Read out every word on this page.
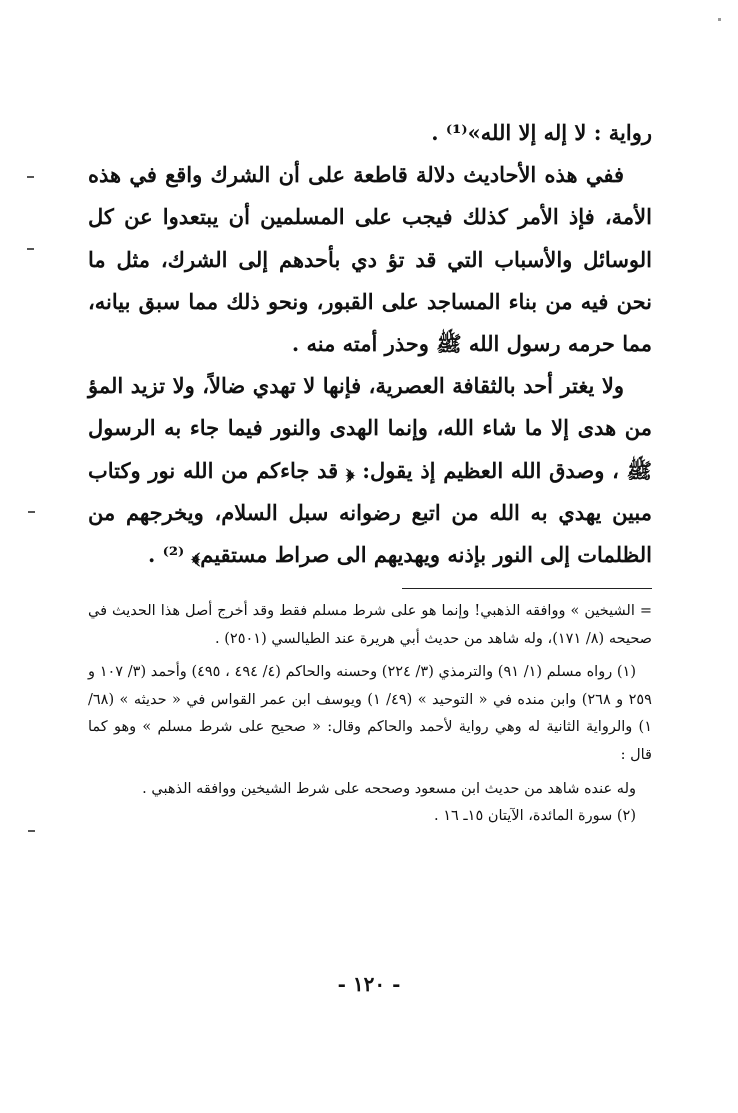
رواية : لا إله إلا الله»⁽¹⁾ .

ففي هذه الأحاديث دلالة قاطعة على أن الشرك واقع في هذه الأمة، فإذ الأمر كذلك فيجب على المسلمين أن يبتعدوا عن كل الوسائل والأسباب التي قد تؤ دي بأحدهم إلى الشرك، مثل ما نحن فيه من بناء المساجد على القبور، ونحو ذلك مما سبق بيانه، مما حرمه رسول الله ﷺ وحذر أمته منه .

ولا يغتر أحد بالثقافة العصرية، فإنها لا تهدي ضالاً، ولا تزيد المؤ من هدى إلا ما شاء الله، وإنما الهدى والنور فيما جاء به الرسول ﷺ ، وصدق الله العظيم إذ يقول: ﴿ قد جاءكم من الله نور وكتاب مبين يهدي به الله من اتبع رضوانه سبل السلام، ويخرجهم من الظلمات إلى النور بإذنه ويهديهم الى صراط مستقيم﴾ ⁽²⁾ .

= الشيخين » ووافقه الذهبي! وإنما هو على شرط مسلم فقط وقد أخرج أصل هذا الحديث في صحيحه (٨/ ١٧١)، وله شاهد من حديث أبي هريرة عند الطيالسي (٢٥٠١) .

(١) رواه مسلم (١/ ٩١) والترمذي (٣/ ٢٢٤) وحسنه والحاكم (٤/ ٤٩٤ ، ٤٩٥) وأحمد (٣/ ١٠٧ و ٢٥٩ و ٢٦٨) وابن منده في « التوحيد » (٤٩/ ١) ويوسف ابن عمر القواس في « حديثه » (٦٨/ ١) والرواية الثانية له وهي رواية لأحمد والحاكم وقال: « صحيح على شرط مسلم » وهو كما قال :

وله عنده شاهد من حديث ابن مسعود وصححه على شرط الشيخين ووافقه الذهبي .

(٢) سورة المائدة، الآيتان ١٥ـ ١٦ .

- ١٢٠ -
